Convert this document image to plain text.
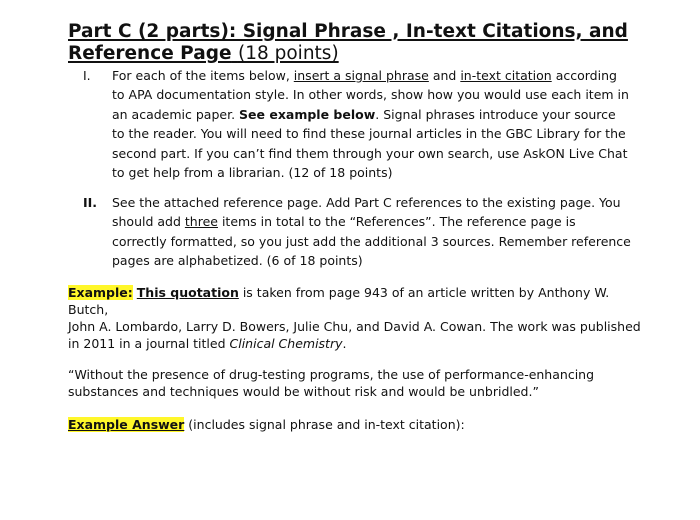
Part C (2 parts): Signal Phrase , In-text Citations, and Reference Page (18 points)
I. For each of the items below, insert a signal phrase and in-text citation according to APA documentation style. In other words, show how you would use each item in an academic paper. See example below. Signal phrases introduce your source to the reader. You will need to find these journal articles in the GBC Library for the second part. If you can’t find them through your own search, use AskON Live Chat to get help from a librarian. (12 of 18 points)
II. See the attached reference page. Add Part C references to the existing page. You should add three items in total to the “References”. The reference page is correctly formatted, so you just add the additional 3 sources. Remember reference pages are alphabetized. (6 of 18 points)
Example: This quotation is taken from page 943 of an article written by Anthony W. Butch,
John A. Lombardo, Larry D. Bowers, Julie Chu, and David A. Cowan. The work was published in 2011 in a journal titled Clinical Chemistry.
“Without the presence of drug-testing programs, the use of performance-enhancing substances and techniques would be without risk and would be unbridled.”
Example Answer (includes signal phrase and in-text citation):
